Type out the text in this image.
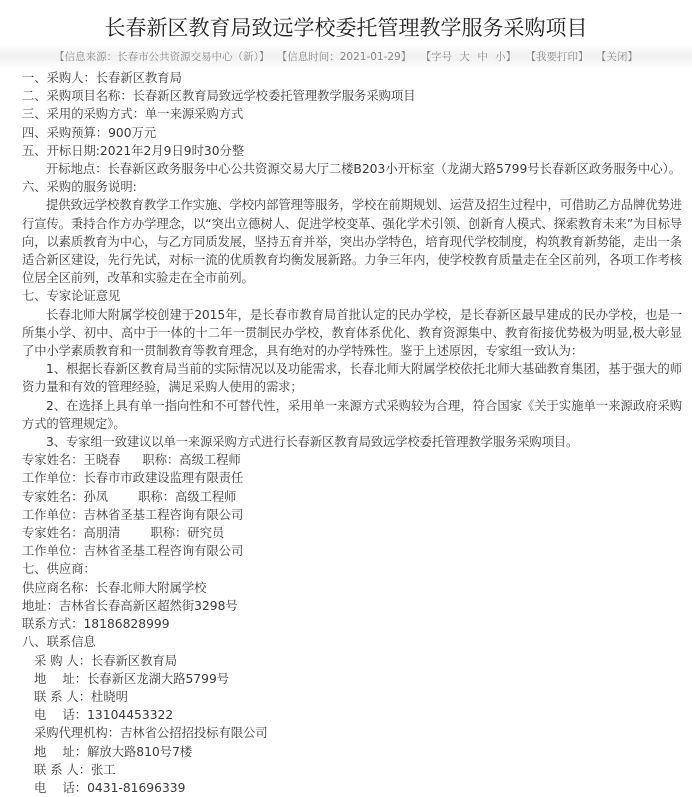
长春新区教育局致远学校委托管理教学服务采购项目
【信息来源：长春市公共资源交易中心（新）】 【信息时间：2021-01-29】 【字号 大 中 小】 【我要打印】 【关闭】
一、采购人：长春新区教育局
二、采购项目名称：长春新区教育局致远学校委托管理教学服务采购项目
三、采用的采购方式：单一来源采购方式
四、采购预算：900万元
五、开标日期:2021年2月9日9时30分整
开标地点：长春新区政务服务中心公共资源交易大厅二楼B203小开标室（龙湖大路5799号长春新区政务服务中心）。
六、采购的服务说明:
提供致远学校教育教学工作实施、学校内部管理等服务，学校在前期规划、运营及招生过程中，可借助乙方品牌优势进行宣传。秉持合作方办学理念，以“突出立德树人、促进学校变革、强化学术引领、创新育人模式、探索教育未来”为目标导向，以素质教育为中心，与乙方同质发展，坚持五育并举，突出办学特色，培育现代学校制度，构筑教育新势能，走出一条适合新区建设，先行先试，对标一流的优质教育均衡发展新路。力争三年内，使学校教育质量走在全区前列，各项工作考核位居全区前列，改革和实验走在全市前列。
七、专家论证意见
长春北师大附属学校创建于2015年，是长春市教育局首批认定的民办学校，是长春新区最早建成的民办学校，也是一所集小学、初中、高中于一体的十二年一贯制民办学校，教育体系优化、教育资源集中、教育衔接优势极为明显,极大彰显了中小学素质教育和一贯制教育等教育理念，具有绝对的办学特殊性。鉴于上述原因，专家组一致认为：
1、根据长春新区教育局当前的实际情况以及功能需求，长春北师大附属学校依托北师大基础教育集团，基于强大的师资力量和有效的管理经验，满足采购人使用的需求；
2、在选择上具有单一指向性和不可替代性，采用单一来源方式采购较为合理，符合国家《关于实施单一来源政府采购方式的管理规定》。
3、专家组一致建议以单一来源采购方式进行长春新区教育局致远学校委托管理教学服务采购项目。
专家姓名：王晓春 职称：高级工程师
工作单位：长春市市政建设监理有限责任
专家姓名：孙凤 职称：高级工程师
工作单位：吉林省圣基工程咨询有限公司
专家姓名：高朋清 职称：研究员
工作单位：吉林省圣基工程咨询有限公司
七、供应商：
供应商名称：长春北师大附属学校
地址：吉林省长春高新区超然街3298号
联系方式：18186828999
八、联系信息
采 购 人：长春新区教育局
地　 址：长春新区龙湖大路5799号
联 系 人：杜晓明
电　 话：13104453322
采购代理机构：吉林省公招招投标有限公司
地　 址：解放大路810号7楼
联 系 人：张工
电　 话：0431-81696339
